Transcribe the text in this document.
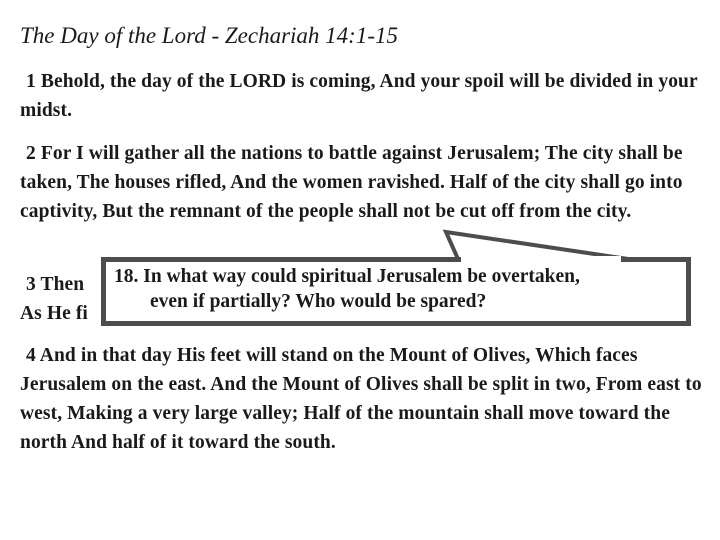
The Day of the Lord - Zechariah 14:1-15

1 Behold, the day of the LORD is coming, And your spoil will be divided in your midst.

2 For I will gather all the nations to battle against Jerusalem; The city shall be taken, The houses rifled, And the women ravished. Half of the city shall go into captivity, But the remnant of the people shall not be cut off from the city.

3 Then
As He fi

4 And in that day His feet will stand on the Mount of Olives, Which faces Jerusalem on the east. And the Mount of Olives shall be split in two, From east to west, Making a very large valley; Half of the mountain shall move toward the north And half of it toward the south.

18. In what way could spiritual Jerusalem be overtaken,
even if partially? Who would be spared?
